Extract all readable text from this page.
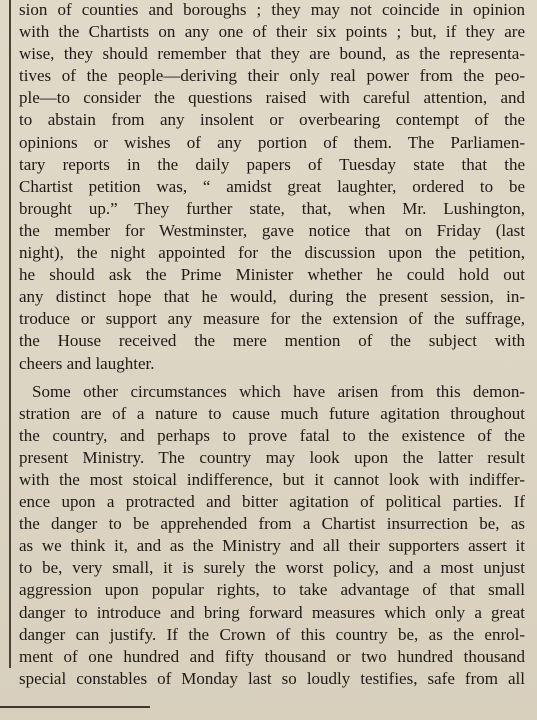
sion of counties and boroughs ; they may not coincide in opinion
with the Chartists on any one of their six points ; but, if they are
wise, they should remember that they are bound, as the representa-
tives of the people—deriving their only real power from the peo-
ple—to consider the questions raised with careful attention, and
to abstain from any insolent or overbearing contempt of the
opinions or wishes of any portion of them. The Parliamen-
tary reports in the daily papers of Tuesday state that the
Chartist petition was, “ amidst great laughter, ordered to be
brought up.” They further state, that, when Mr. Lushington,
the member for Westminster, gave notice that on Friday (last
night), the night appointed for the discussion upon the petition,
he should ask the Prime Minister whether he could hold out
any distinct hope that he would, during the present session, in-
troduce or support any measure for the extension of the suffrage,
the House received the mere mention of the subject with
cheers and laughter.

Some other circumstances which have arisen from this demon-
stration are of a nature to cause much future agitation throughout
the country, and perhaps to prove fatal to the existence of the
present Ministry. The country may look upon the latter result
with the most stoical indifference, but it cannot look with indiffer-
ence upon a protracted and bitter agitation of political parties. If
the danger to be apprehended from a Chartist insurrection be, as
as we think it, and as the Ministry and all their supporters assert it
to be, very small, it is surely the worst policy, and a most unjust
aggression upon popular rights, to take advantage of that small
danger to introduce and bring forward measures which only a great
danger can justify. If the Crown of this country be, as the enrol-
ment of one hundred and fifty thousand or two hundred thousand
special constables of Monday last so loudly testifies, safe from all
